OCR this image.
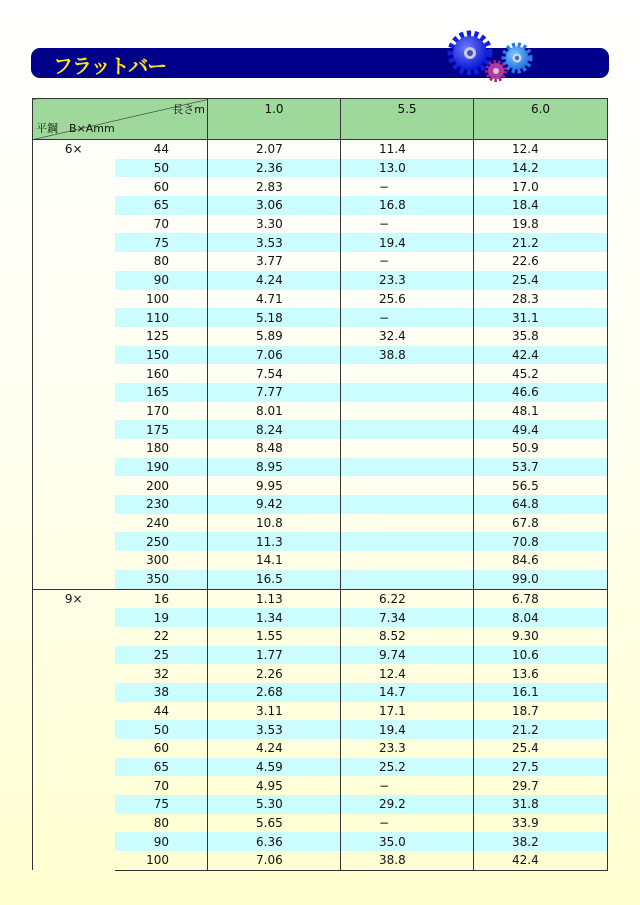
フラットバー
長さm
平鋼　B×Amm		1.0	5.5	6.0
6×	44	2.07	11.4	12.4
	50	2.36	13.0	14.2
	60	2.83	−	17.0
	65	3.06	16.8	18.4
	70	3.30	−	19.8
	75	3.53	19.4	21.2
	80	3.77	−	22.6
	90	4.24	23.3	25.4
	100	4.71	25.6	28.3
	110	5.18	−	31.1
	125	5.89	32.4	35.8
	150	7.06	38.8	42.4
	160	7.54		45.2
	165	7.77		46.6
	170	8.01		48.1
	175	8.24		49.4
	180	8.48		50.9
	190	8.95		53.7
	200	9.95		56.5
	230	9.42		64.8
	240	10.8		67.8
	250	11.3		70.8
	300	14.1		84.6
	350	16.5		99.0
9×	16	1.13	6.22	6.78
	19	1.34	7.34	8.04
	22	1.55	8.52	9.30
	25	1.77	9.74	10.6
	32	2.26	12.4	13.6
	38	2.68	14.7	16.1
	44	3.11	17.1	18.7
	50	3.53	19.4	21.2
	60	4.24	23.3	25.4
	65	4.59	25.2	27.5
	70	4.95	−	29.7
	75	5.30	29.2	31.8
	80	5.65	−	33.9
	90	6.36	35.0	38.2
	100	7.06	38.8	42.4
